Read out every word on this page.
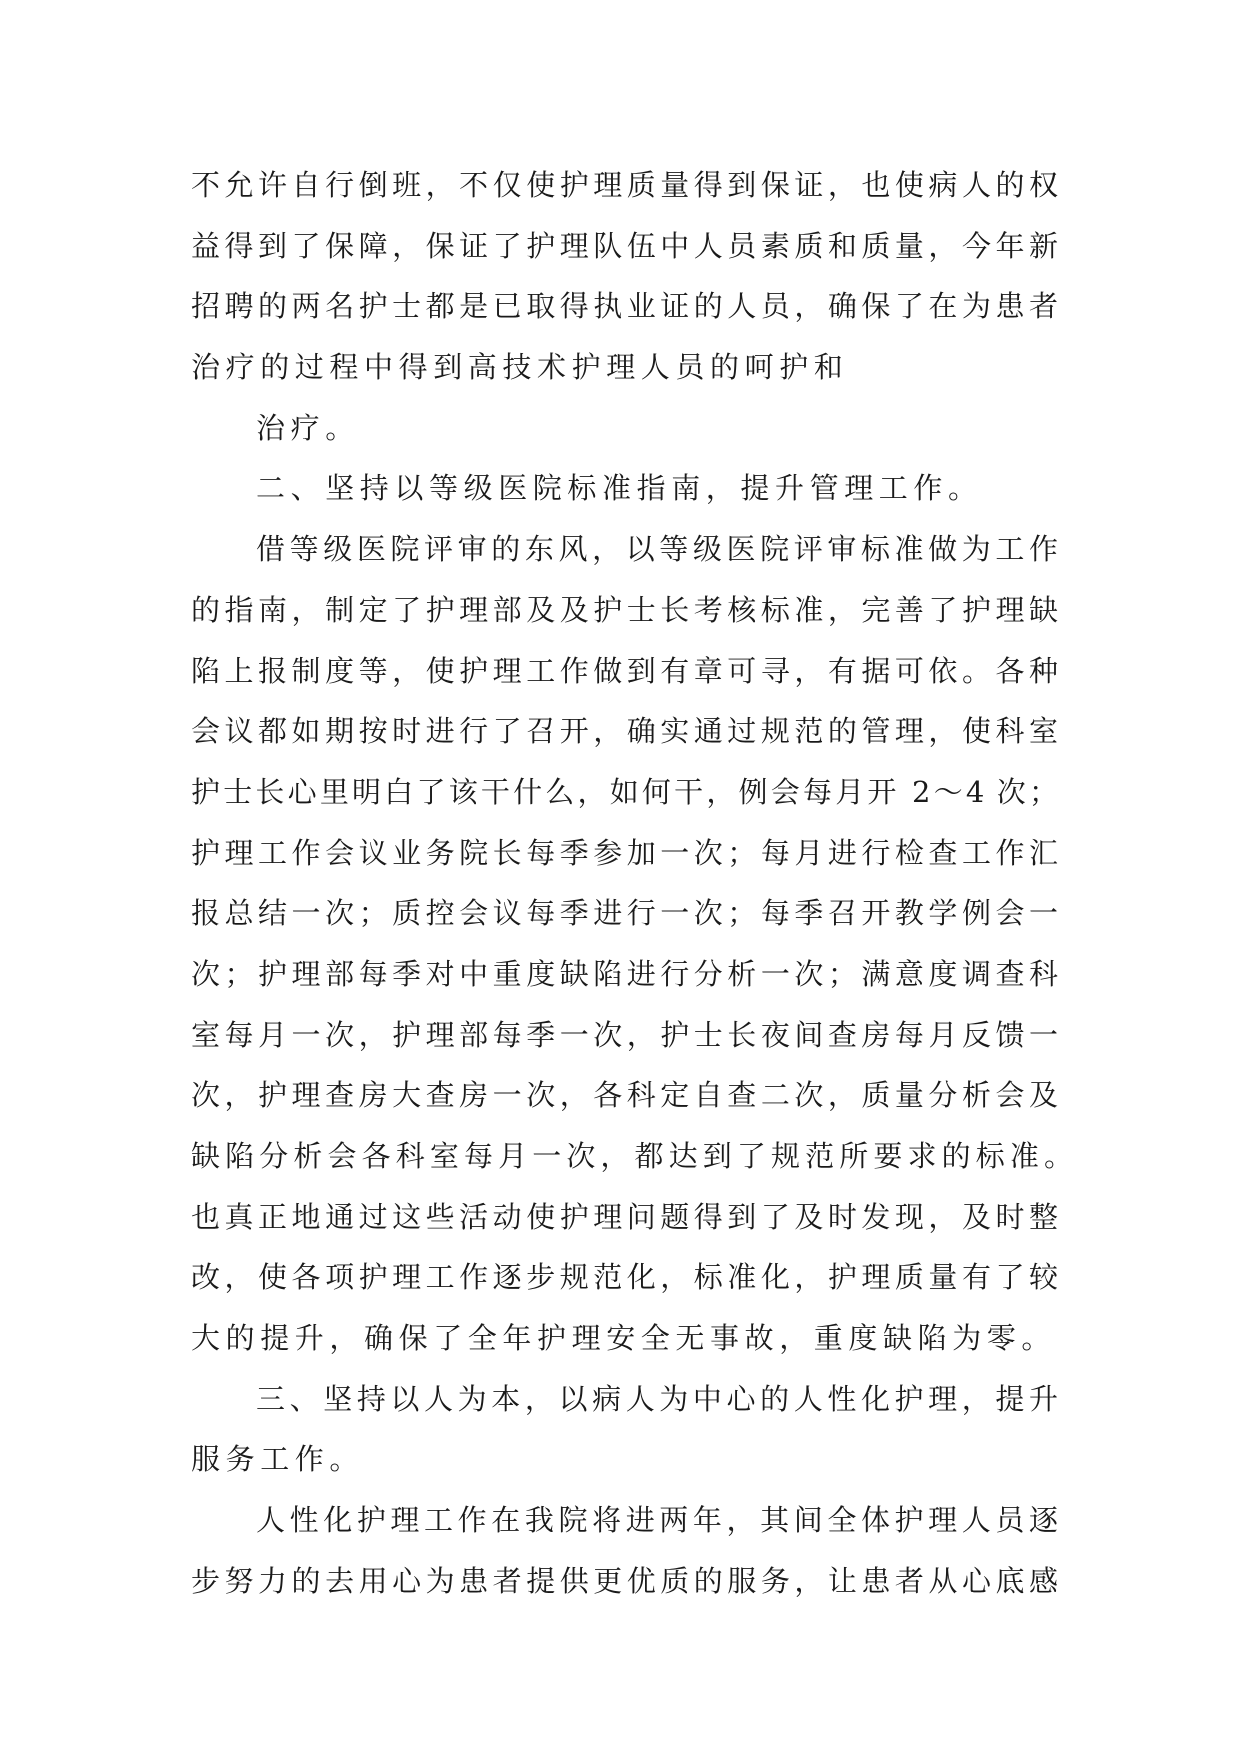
不允许自行倒班，不仅使护理质量得到保证，也使病人的权
益得到了保障，保证了护理队伍中人员素质和质量，今年新
招聘的两名护士都是已取得执业证的人员，确保了在为患者
治疗的过程中得到高技术护理人员的呵护和
治疗。
二、坚持以等级医院标准指南，提升管理工作。
借等级医院评审的东风，以等级医院评审标准做为工作
的指南，制定了护理部及及护士长考核标准，完善了护理缺
陷上报制度等，使护理工作做到有章可寻，有据可依。各种
会议都如期按时进行了召开，确实通过规范的管理，使科室
护士长心里明白了该干什么，如何干，例会每月开 2～4 次；
护理工作会议业务院长每季参加一次；每月进行检查工作汇
报总结一次；质控会议每季进行一次；每季召开教学例会一
次；护理部每季对中重度缺陷进行分析一次；满意度调查科
室每月一次，护理部每季一次，护士长夜间查房每月反馈一
次，护理查房大查房一次，各科定自查二次，质量分析会及
缺陷分析会各科室每月一次，都达到了规范所要求的标准。
也真正地通过这些活动使护理问题得到了及时发现，及时整
改，使各项护理工作逐步规范化，标准化，护理质量有了较
大的提升，确保了全年护理安全无事故，重度缺陷为零。
三、坚持以人为本，以病人为中心的人性化护理，提升
服务工作。
人性化护理工作在我院将进两年，其间全体护理人员逐
步努力的去用心为患者提供更优质的服务，让患者从心底感
